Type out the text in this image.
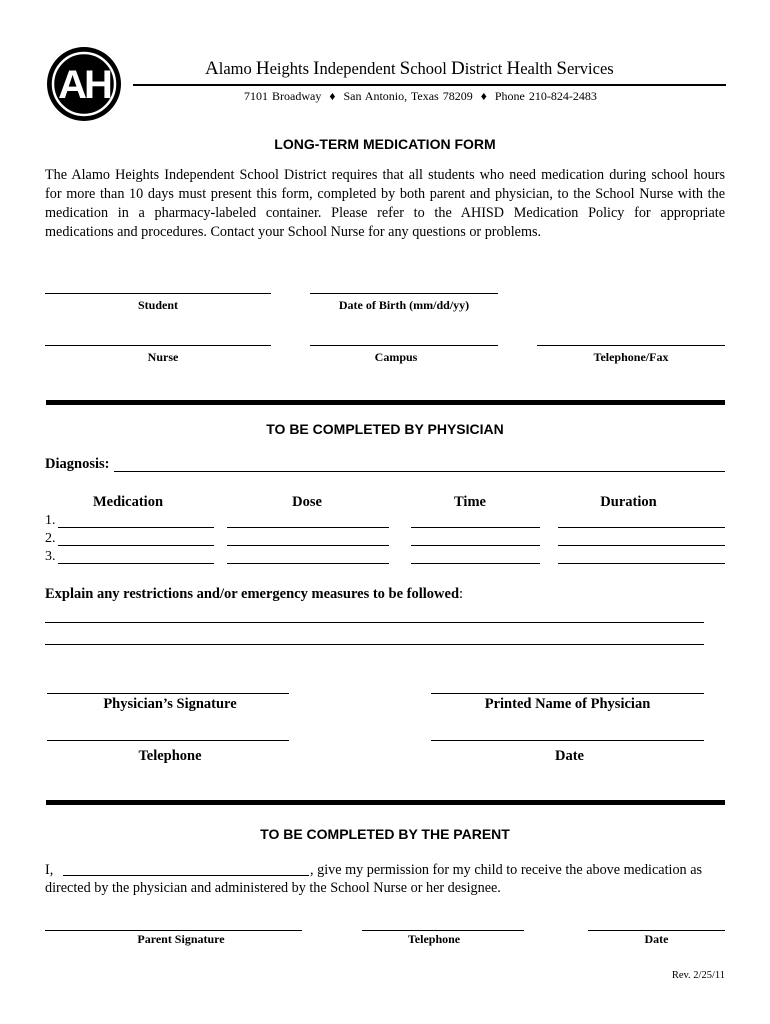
AH	Alamo Heights Independent School District Health Services
7101 Broadway ♦ San Antonio, Texas 78209 ♦ Phone 210-824-2483
LONG-TERM MEDICATION FORM
The Alamo Heights Independent School District requires that all students who need medication during school hours
for more than 10 days must present this form, completed by both parent and physician, to the School Nurse with the
medication in a pharmacy-labeled container. Please refer to the AHISD Medication Policy for appropriate
medications and procedures. Contact your School Nurse for any questions or problems.
Student	Date of Birth (mm/dd/yy)
Nurse	Campus	Telephone/Fax
TO BE COMPLETED BY PHYSICIAN
Diagnosis:
Medication	Dose	Time	Duration
1.
2.
3.
Explain any restrictions and/or emergency measures to be followed:
Physician’s Signature	Printed Name of Physician
Telephone	Date
TO BE COMPLETED BY THE PARENT
I,	, give my permission for my child to receive the above medication as
directed by the physician and administered by the School Nurse or her designee.
Parent Signature	Telephone	Date
Rev. 2/25/11
